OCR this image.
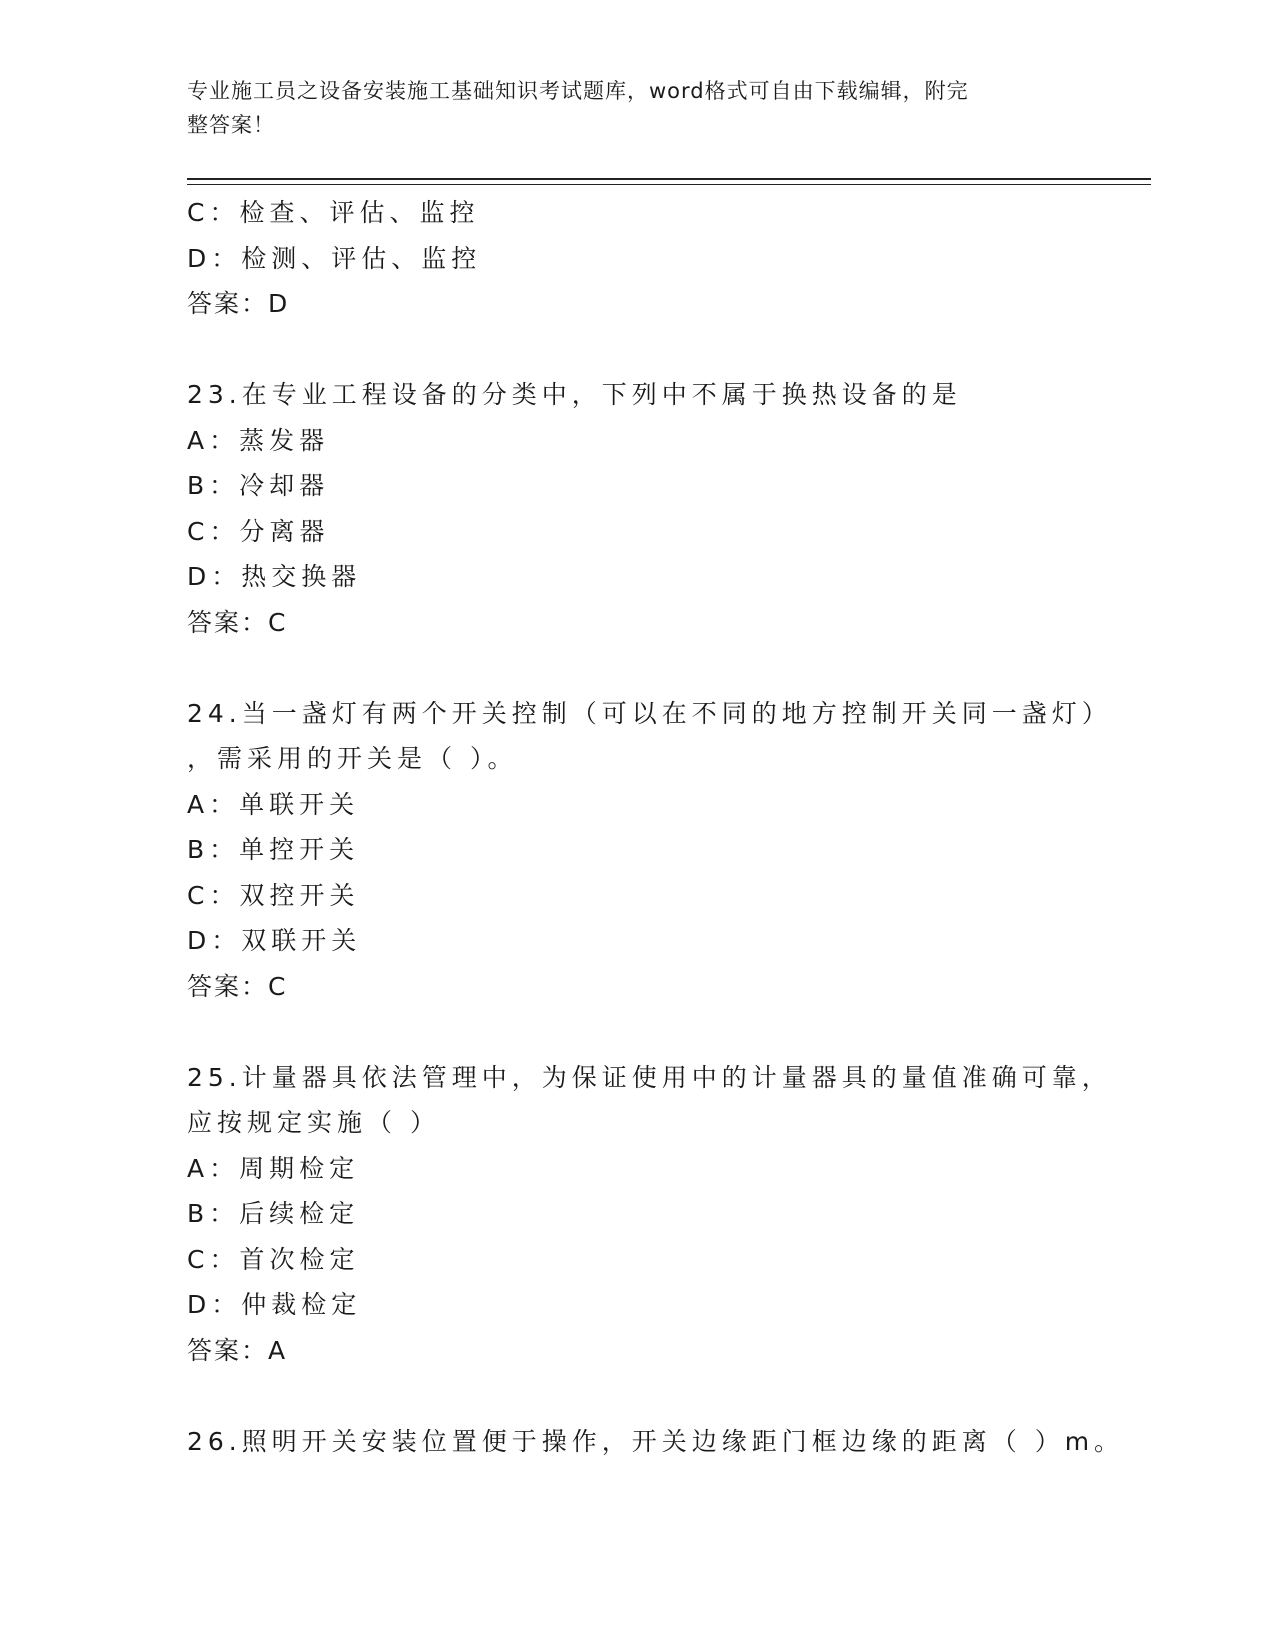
专业施工员之设备安装施工基础知识考试题库，word格式可自由下载编辑，附完
整答案！
C：检查、评估、监控
D：检测、评估、监控
答案：D
23.在专业工程设备的分类中，下列中不属于换热设备的是
A：蒸发器
B：冷却器
C：分离器
D：热交换器
答案：C
24.当一盏灯有两个开关控制（可以在不同的地方控制开关同一盏灯）
，需采用的开关是（ ）。
A：单联开关
B：单控开关
C：双控开关
D：双联开关
答案：C
25.计量器具依法管理中，为保证使用中的计量器具的量值准确可靠，
应按规定实施（ ）
A：周期检定
B：后续检定
C：首次检定
D：仲裁检定
答案：A
26.照明开关安装位置便于操作，开关边缘距门框边缘的距离（ ）m。
